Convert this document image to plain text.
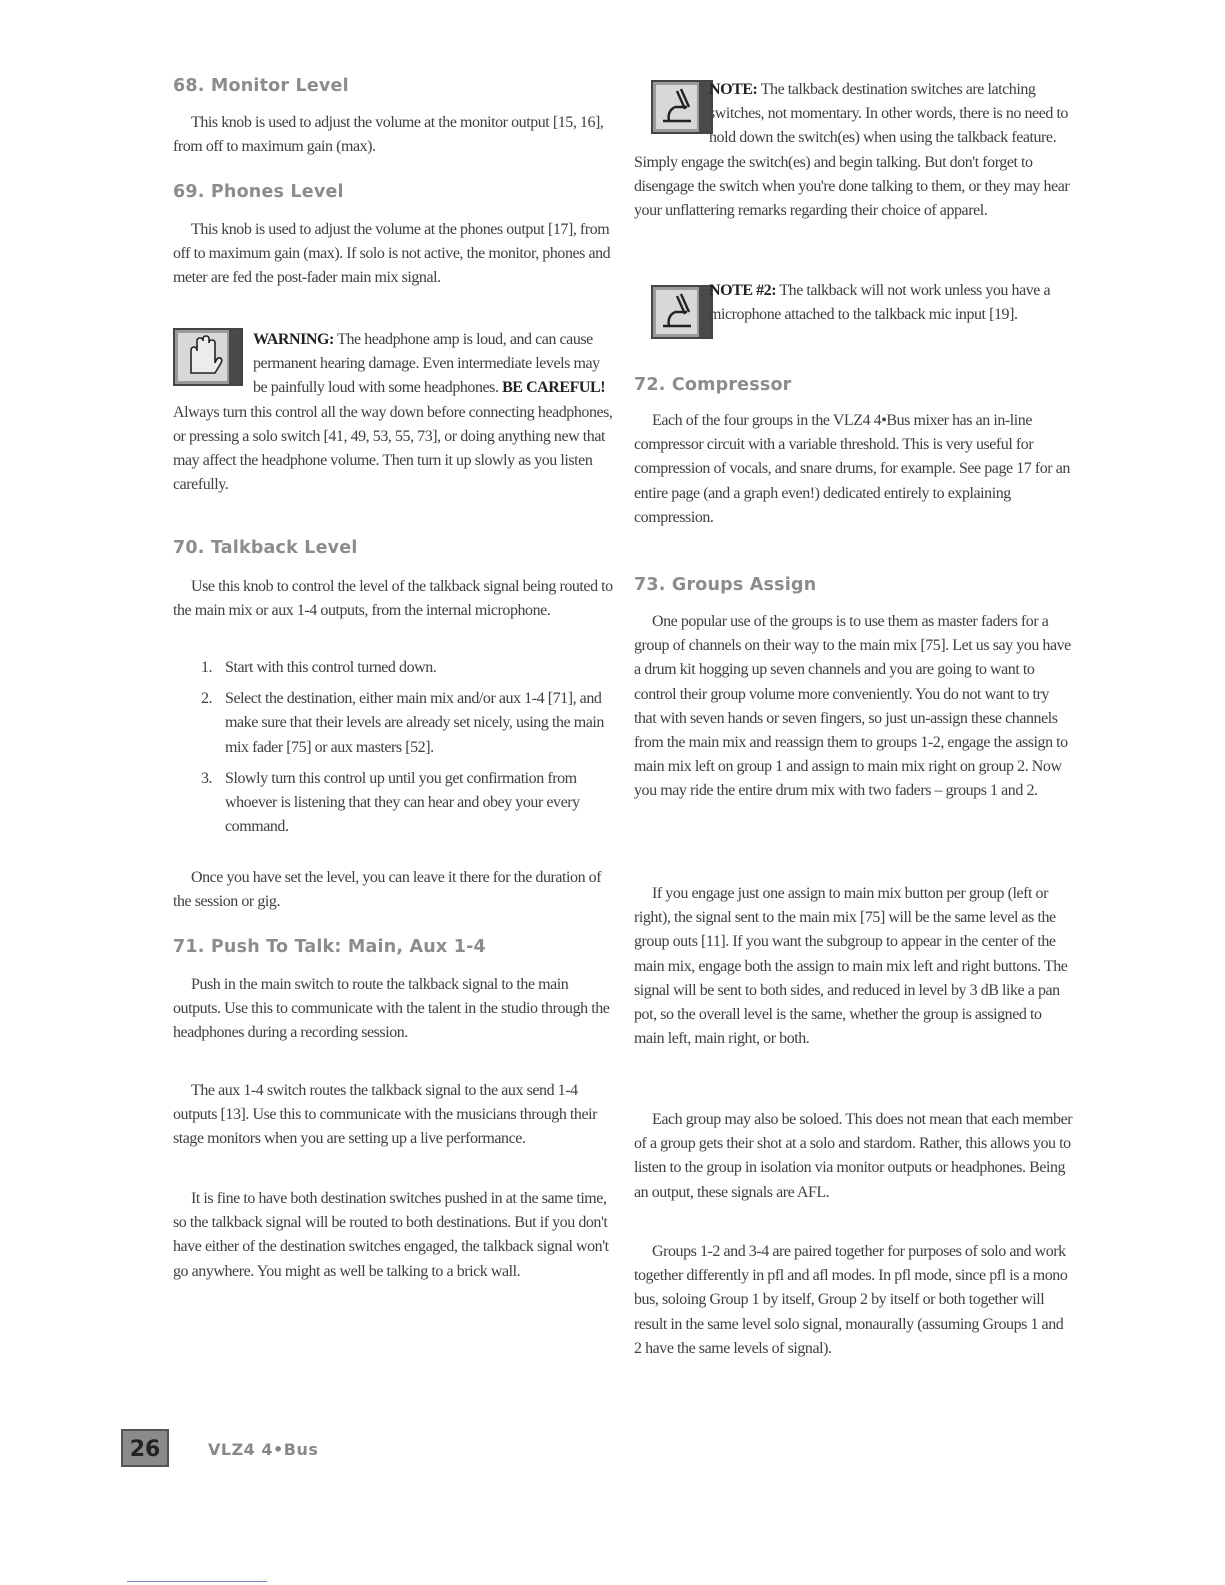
68. Monitor Level

This knob is used to adjust the volume at the monitor output [15, 16], from off to maximum gain (max).

69. Phones Level

This knob is used to adjust the volume at the phones output [17], from off to maximum gain (max). If solo is not active, the monitor, phones and meter are fed the post-fader main mix signal.

WARNING: The headphone amp is loud, and can cause permanent hearing damage. Even intermediate levels may be painfully loud with some headphones. BE CAREFUL! Always turn this control all the way down before connecting headphones, or pressing a solo switch [41, 49, 53, 55, 73], or doing anything new that may affect the headphone volume. Then turn it up slowly as you listen carefully.

70. Talkback Level

Use this knob to control the level of the talkback signal being routed to the main mix or aux 1-4 outputs, from the internal microphone.

1. Start with this control turned down.
2. Select the destination, either main mix and/or aux 1-4 [71], and make sure that their levels are already set nicely, using the main mix fader [75] or aux masters [52].
3. Slowly turn this control up until you get confirmation from whoever is listening that they can hear and obey your every command.

Once you have set the level, you can leave it there for the duration of the session or gig.

71. Push To Talk: Main, Aux 1-4

Push in the main switch to route the talkback signal to the main outputs. Use this to communicate with the talent in the studio through the headphones during a recording session.

The aux 1-4 switch routes the talkback signal to the aux send 1-4 outputs [13]. Use this to communicate with the musicians through their stage monitors when you are setting up a live performance.

It is fine to have both destination switches pushed in at the same time, so the talkback signal will be routed to both destinations. But if you don't have either of the destination switches engaged, the talkback signal won't go anywhere. You might as well be talking to a brick wall.

NOTE: The talkback destination switches are latching switches, not momentary. In other words, there is no need to hold down the switch(es) when using the talkback feature. Simply engage the switch(es) and begin talking. But don't forget to disengage the switch when you're done talking to them, or they may hear your unflattering remarks regarding their choice of apparel.

NOTE #2: The talkback will not work unless you have a microphone attached to the talkback mic input [19].

72. Compressor

Each of the four groups in the VLZ4 4•Bus mixer has an in-line compressor circuit with a variable threshold. This is very useful for compression of vocals, and snare drums, for example. See page 17 for an entire page (and a graph even!) dedicated entirely to explaining compression.

73. Groups Assign

One popular use of the groups is to use them as master faders for a group of channels on their way to the main mix [75]. Let us say you have a drum kit hogging up seven channels and you are going to want to control their group volume more conveniently. You do not want to try that with seven hands or seven fingers, so just un-assign these channels from the main mix and reassign them to groups 1-2, engage the assign to main mix left on group 1 and assign to main mix right on group 2. Now you may ride the entire drum mix with two faders – groups 1 and 2.

If you engage just one assign to main mix button per group (left or right), the signal sent to the main mix [75] will be the same level as the group outs [11]. If you want the subgroup to appear in the center of the main mix, engage both the assign to main mix left and right buttons. The signal will be sent to both sides, and reduced in level by 3 dB like a pan pot, so the overall level is the same, whether the group is assigned to main left, main right, or both.

Each group may also be soloed. This does not mean that each member of a group gets their shot at a solo and stardom. Rather, this allows you to listen to the group in isolation via monitor outputs or headphones. Being an output, these signals are AFL.

Groups 1-2 and 3-4 are paired together for purposes of solo and work together differently in pfl and afl modes. In pfl mode, since pfl is a mono bus, soloing Group 1 by itself, Group 2 by itself or both together will result in the same level solo signal, monaurally (assuming Groups 1 and 2 have the same levels of signal).

26	VLZ4 4•Bus
